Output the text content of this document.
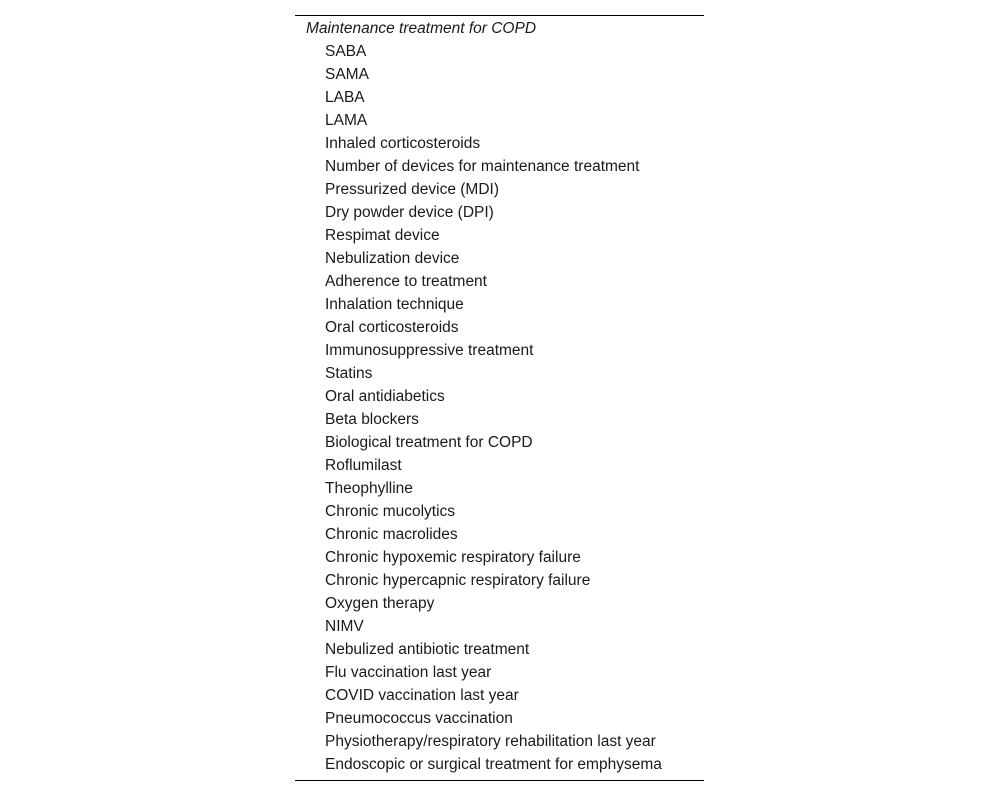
Maintenance treatment for COPD
SABA
SAMA
LABA
LAMA
Inhaled corticosteroids
Number of devices for maintenance treatment
Pressurized device (MDI)
Dry powder device (DPI)
Respimat device
Nebulization device
Adherence to treatment
Inhalation technique
Oral corticosteroids
Immunosuppressive treatment
Statins
Oral antidiabetics
Beta blockers
Biological treatment for COPD
Roflumilast
Theophylline
Chronic mucolytics
Chronic macrolides
Chronic hypoxemic respiratory failure
Chronic hypercapnic respiratory failure
Oxygen therapy
NIMV
Nebulized antibiotic treatment
Flu vaccination last year
COVID vaccination last year
Pneumococcus vaccination
Physiotherapy/respiratory rehabilitation last year
Endoscopic or surgical treatment for emphysema
